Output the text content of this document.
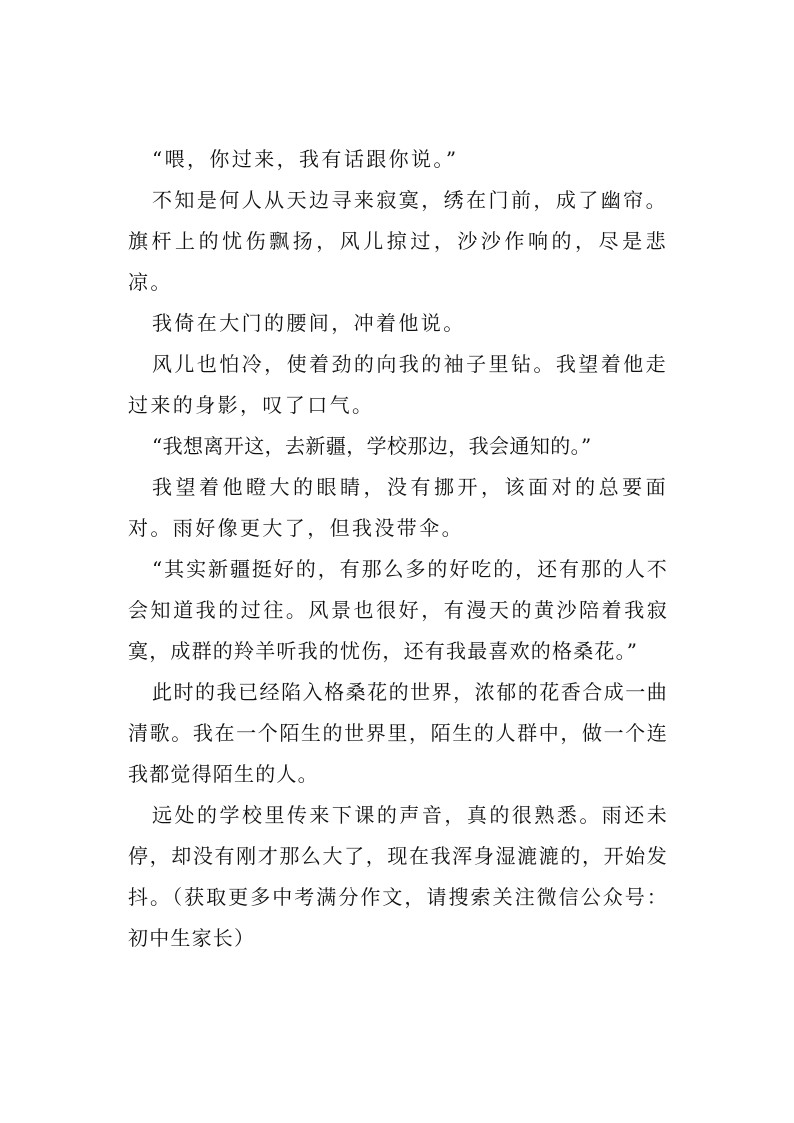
“喂，你过来，我有话跟你说。”

不知是何人从天边寻来寂寞，绣在门前，成了幽帘。旗杆上的忧伤飘扬，风儿掠过，沙沙作响的，尽是悲凉。

我倚在大门的腰间，冲着他说。

风儿也怕冷，使着劲的向我的袖子里钻。我望着他走过来的身影，叹了口气。

“我想离开这，去新疆，学校那边，我会通知的。”

我望着他瞪大的眼睛，没有挪开，该面对的总要面对。雨好像更大了，但我没带伞。

“其实新疆挺好的，有那么多的好吃的，还有那的人不会知道我的过往。风景也很好，有漫天的黄沙陪着我寂寞，成群的羚羊听我的忧伤，还有我最喜欢的格桑花。”

此时的我已经陷入格桑花的世界，浓郁的花香合成一曲清歌。我在一个陌生的世界里，陌生的人群中，做一个连我都觉得陌生的人。

远处的学校里传来下课的声音，真的很熟悉。雨还未停，却没有刚才那么大了，现在我浑身湿漉漉的，开始发抖。（获取更多中考满分作文，请搜索关注微信公众号：初中生家长）
